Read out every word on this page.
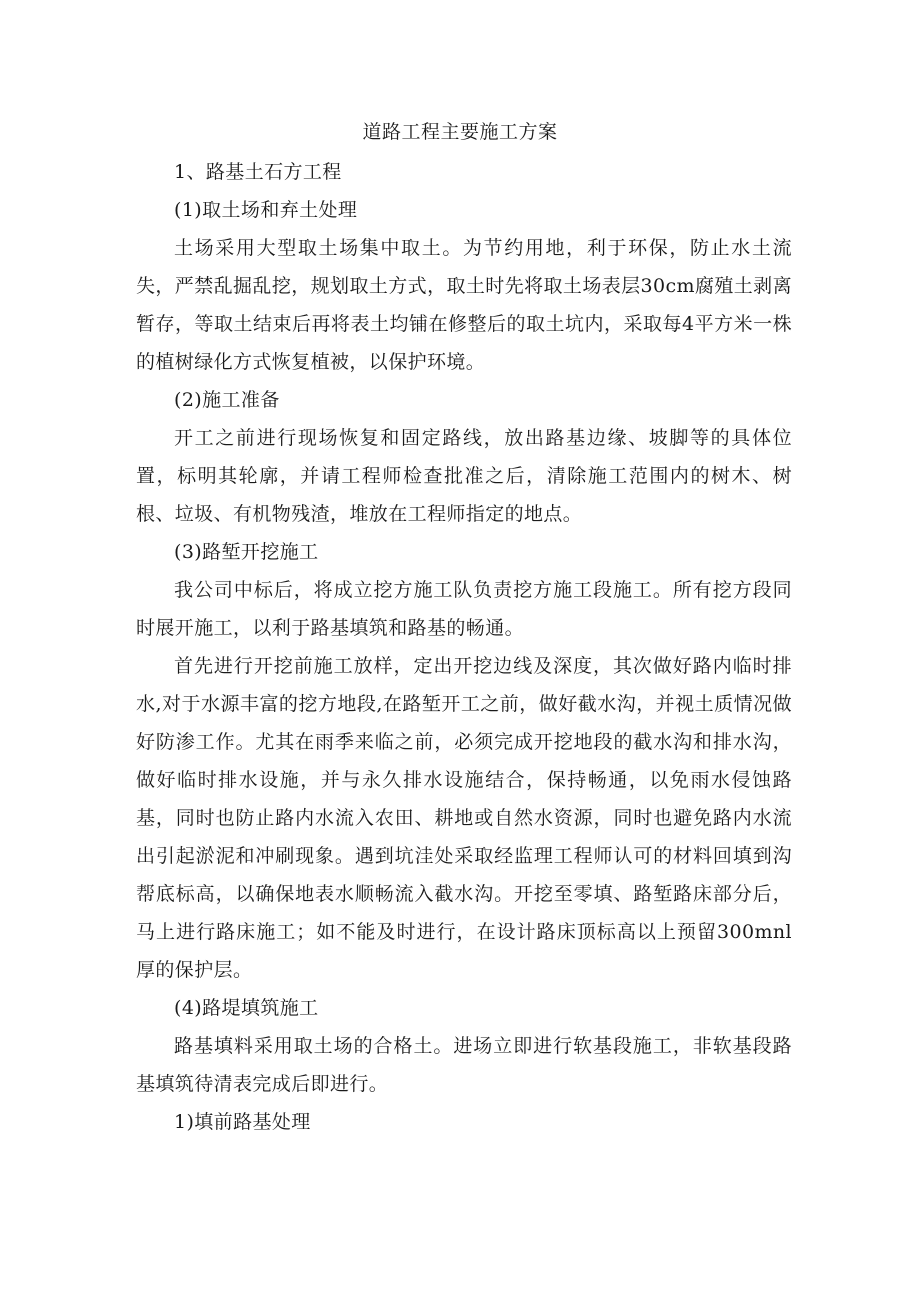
道路工程主要施工方案

1、路基土石方工程

(1)取土场和弃土处理

土场采用大型取土场集中取土。为节约用地，利于环保，防止水土流失，严禁乱掘乱挖，规划取土方式，取土时先将取土场表层30cm腐殖土剥离暂存，等取土结束后再将表土均铺在修整后的取土坑内，采取每4平方米一株的植树绿化方式恢复植被，以保护环境。

(2)施工准备

开工之前进行现场恢复和固定路线，放出路基边缘、坡脚等的具体位置，标明其轮廓，并请工程师检查批准之后，清除施工范围内的树木、树根、垃圾、有机物残渣，堆放在工程师指定的地点。

(3)路堑开挖施工

我公司中标后，将成立挖方施工队负责挖方施工段施工。所有挖方段同时展开施工，以利于路基填筑和路基的畅通。

首先进行开挖前施工放样，定出开挖边线及深度，其次做好路内临时排水,对于水源丰富的挖方地段,在路堑开工之前，做好截水沟，并视土质情况做好防渗工作。尤其在雨季来临之前，必须完成开挖地段的截水沟和排水沟，做好临时排水设施，并与永久排水设施结合，保持畅通，以免雨水侵蚀路基，同时也防止路内水流入农田、耕地或自然水资源，同时也避免路内水流出引起淤泥和冲刷现象。遇到坑洼处采取经监理工程师认可的材料回填到沟帮底标高，以确保地表水顺畅流入截水沟。开挖至零填、路堑路床部分后，马上进行路床施工；如不能及时进行，在设计路床顶标高以上预留300mnl厚的保护层。

(4)路堤填筑施工

路基填料采用取土场的合格土。进场立即进行软基段施工，非软基段路基填筑待清表完成后即进行。

1)填前路基处理
